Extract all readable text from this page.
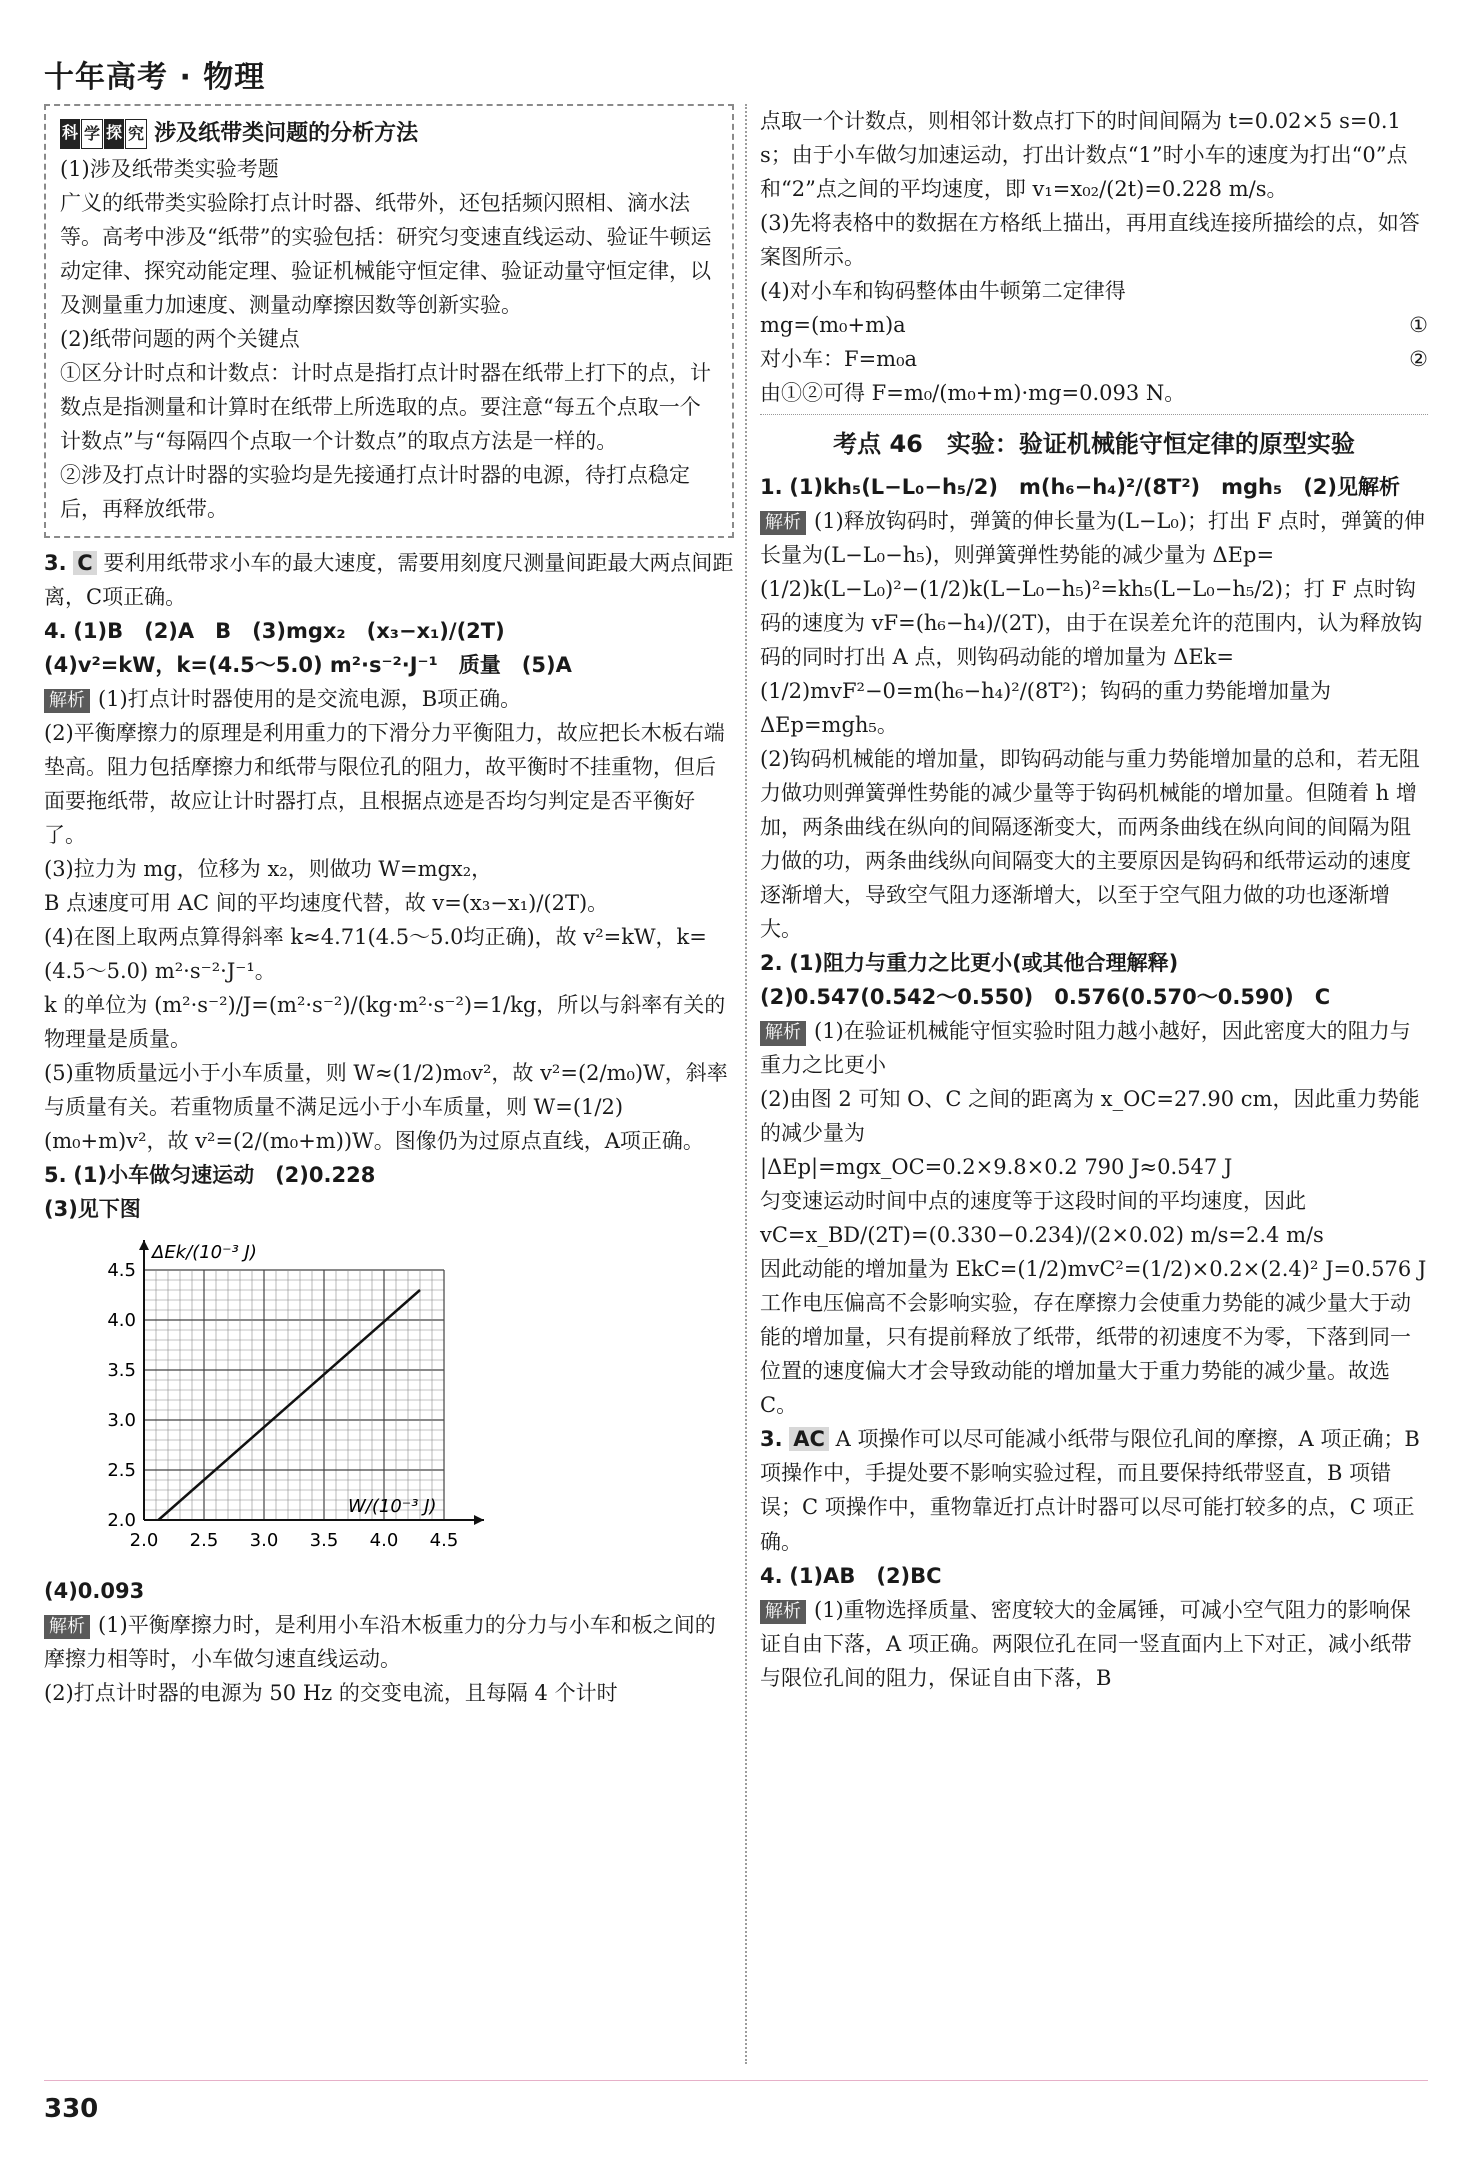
十年高考 · 物理
科 学 探 究 涉及纸带类问题的分析方法

(1)涉及纸带类实验考题

广义的纸带类实验除打点计时器、纸带外，还包括频闪照相、滴水法等。高考中涉及“纸带”的实验包括：研究匀变速直线运动、验证牛顿运动定律、探究动能定理、验证机械能守恒定律、验证动量守恒定律，以及测量重力加速度、测量动摩擦因数等创新实验。

(2)纸带问题的两个关键点

①区分计时点和计数点：计时点是指打点计时器在纸带上打下的点，计数点是指测量和计算时在纸带上所选取的点。要注意“每五个点取一个计数点”与“每隔四个点取一个计数点”的取点方法是一样的。

②涉及打点计时器的实验均是先接通打点计时器的电源，待打点稳定后，再释放纸带。

3. C 要利用纸带求小车的最大速度，需要用刻度尺测量间距最大两点间距离，C项正确。

4. (1)B　(2)A　B　(3)mgx₂　(x₃−x₁)/(2T)

(4)v²=kW，k=(4.5～5.0) m²·s⁻²·J⁻¹　质量　(5)A

解析 (1)打点计时器使用的是交流电源，B项正确。

(2)平衡摩擦力的原理是利用重力的下滑分力平衡阻力，故应把长木板右端垫高。阻力包括摩擦力和纸带与限位孔的阻力，故平衡时不挂重物，但后面要拖纸带，故应让计时器打点，且根据点迹是否均匀判定是否平衡好了。

(3)拉力为 mg，位移为 x₂，则做功 W=mgx₂，

B 点速度可用 AC 间的平均速度代替，故 v=(x₃−x₁)/(2T)。

(4)在图上取两点算得斜率 k≈4.71(4.5～5.0均正确)，故 v²=kW，k=(4.5～5.0) m²·s⁻²·J⁻¹。

k 的单位为 (m²·s⁻²)/J=(m²·s⁻²)/(kg·m²·s⁻²)=1/kg，所以与斜率有关的物理量是质量。

(5)重物质量远小于小车质量，则 W≈(1/2)m₀v²，故 v²=(2/m₀)W，斜率与质量有关。若重物质量不满足远小于小车质量，则 W=(1/2)(m₀+m)v²，故 v²=(2/(m₀+m))W。图像仍为过原点直线，A项正确。

5. (1)小车做匀速运动　(2)0.228

(3)见下图

2.0 2.5 3.0 3.5 4.0 4.5
2.0
2.5
3.0
3.5
4.0
4.5
ΔEk/(10⁻³ J)
W/(10⁻³ J)

(4)0.093

解析 (1)平衡摩擦力时，是利用小车沿木板重力的分力与小车和板之间的摩擦力相等时，小车做匀速直线运动。

(2)打点计时器的电源为 50 Hz 的交变电流，且每隔 4 个计时

点取一个计数点，则相邻计数点打下的时间间隔为 t=0.02×5 s=0.1 s；由于小车做匀加速运动，打出计数点“1”时小车的速度为打出“0”点和“2”点之间的平均速度，即 v₁=x₀₂/(2t)=0.228 m/s。

(3)先将表格中的数据在方格纸上描出，再用直线连接所描绘的点，如答案图所示。

(4)对小车和钩码整体由牛顿第二定律得

mg=(m₀+m)a	①

对小车：F=m₀a	②

由①②可得 F=m₀/(m₀+m)·mg=0.093 N。

考点 46　实验：验证机械能守恒定律的原型实验

1. (1)kh₅(L−L₀−h₅/2)　m(h₆−h₄)²/(8T²)　mgh₅　(2)见解析

解析 (1)释放钩码时，弹簧的伸长量为(L−L₀)；打出 F 点时，弹簧的伸长量为(L−L₀−h₅)，则弹簧弹性势能的减少量为 ΔEp=(1/2)k(L−L₀)²−(1/2)k(L−L₀−h₅)²=kh₅(L−L₀−h₅/2)；打 F 点时钩码的速度为 vF=(h₆−h₄)/(2T)，由于在误差允许的范围内，认为释放钩码的同时打出 A 点，则钩码动能的增加量为 ΔEk=(1/2)mvF²−0=m(h₆−h₄)²/(8T²)；钩码的重力势能增加量为 ΔEp=mgh₅。

(2)钩码机械能的增加量，即钩码动能与重力势能增加量的总和，若无阻力做功则弹簧弹性势能的减少量等于钩码机械能的增加量。但随着 h 增加，两条曲线在纵向的间隔逐渐变大，而两条曲线在纵向间的间隔为阻力做的功，两条曲线纵向间隔变大的主要原因是钩码和纸带运动的速度逐渐增大，导致空气阻力逐渐增大，以至于空气阻力做的功也逐渐增大。

2. (1)阻力与重力之比更小(或其他合理解释)

(2)0.547(0.542～0.550)　0.576(0.570～0.590)　C

解析 (1)在验证机械能守恒实验时阻力越小越好，因此密度大的阻力与重力之比更小

(2)由图 2 可知 O、C 之间的距离为 x_OC=27.90 cm，因此重力势能的减少量为

|ΔEp|=mgx_OC=0.2×9.8×0.2 790 J≈0.547 J

匀变速运动时间中点的速度等于这段时间的平均速度，因此

vC=x_BD/(2T)=(0.330−0.234)/(2×0.02) m/s=2.4 m/s

因此动能的增加量为 EkC=(1/2)mvC²=(1/2)×0.2×(2.4)² J=0.576 J

工作电压偏高不会影响实验，存在摩擦力会使重力势能的减少量大于动能的增加量，只有提前释放了纸带，纸带的初速度不为零，下落到同一位置的速度偏大才会导致动能的增加量大于重力势能的减少量。故选 C。

3. AC A 项操作可以尽可能减小纸带与限位孔间的摩擦，A 项正确；B 项操作中，手提处要不影响实验过程，而且要保持纸带竖直，B 项错误；C 项操作中，重物靠近打点计时器可以尽可能打较多的点，C 项正确。

4. (1)AB　(2)BC

解析 (1)重物选择质量、密度较大的金属锤，可减小空气阻力的影响保证自由下落，A 项正确。两限位孔在同一竖直面内上下对正，减小纸带与限位孔间的阻力，保证自由下落，B

330
